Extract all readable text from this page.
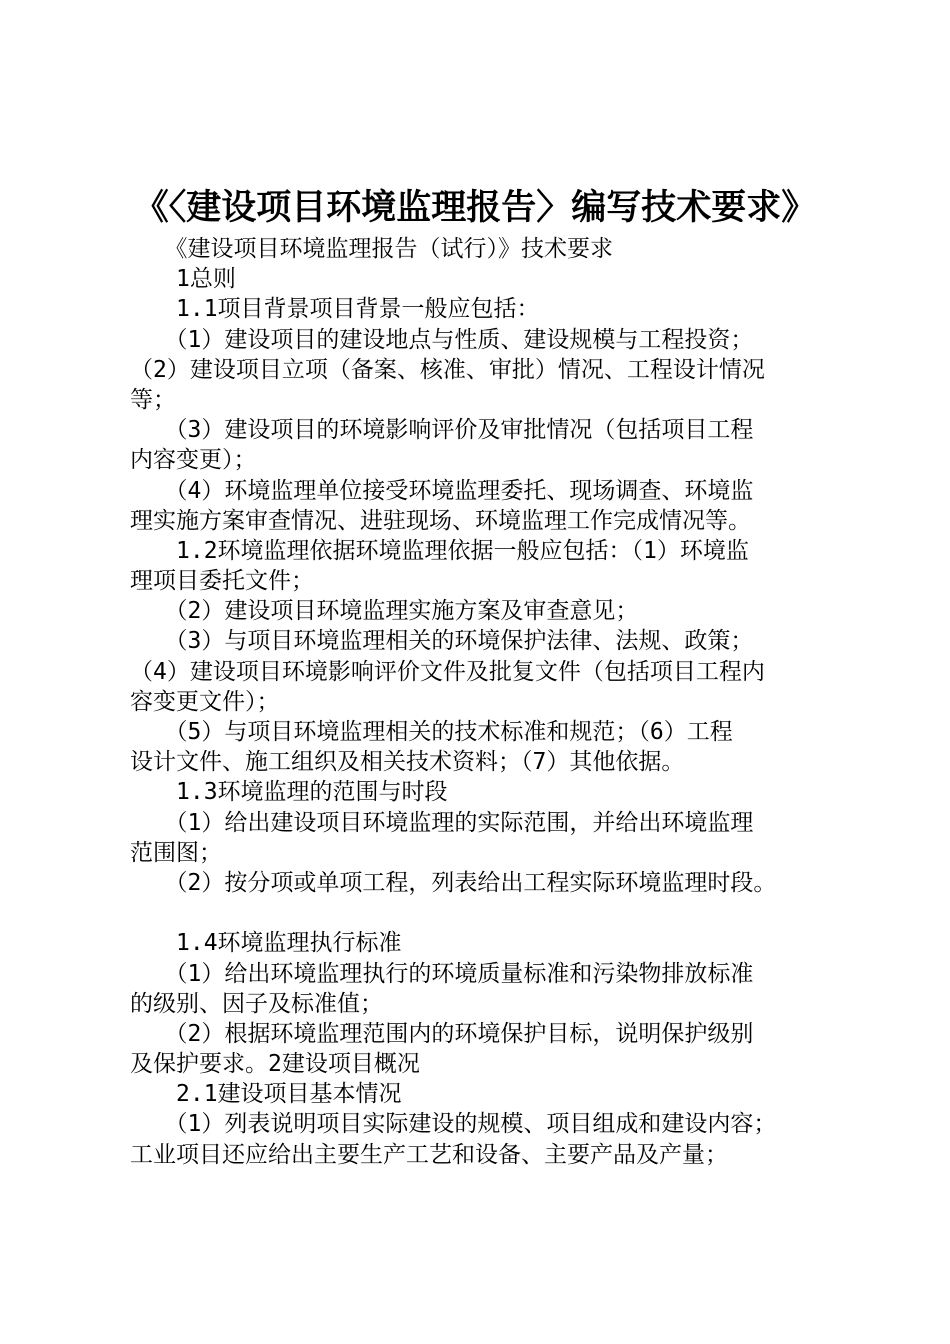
《〈建设项目环境监理报告〉编写技术要求》
　　《建设项目环境监理报告（试行）》技术要求
　　1总则
　　1.1项目背景项目背景一般应包括：
　　（1）建设项目的建设地点与性质、建设规模与工程投资；
（2）建设项目立项（备案、核准、审批）情况、工程设计情况
等；
　　（3）建设项目的环境影响评价及审批情况（包括项目工程
内容变更）；
　　（4）环境监理单位接受环境监理委托、现场调查、环境监
理实施方案审查情况、进驻现场、环境监理工作完成情况等。
　　1.2环境监理依据环境监理依据一般应包括：（1）环境监
理项目委托文件；
　　（2）建设项目环境监理实施方案及审查意见；
　　（3）与项目环境监理相关的环境保护法律、法规、政策；
（4）建设项目环境影响评价文件及批复文件（包括项目工程内
容变更文件）；
　　（5）与项目环境监理相关的技术标准和规范；（6）工程
设计文件、施工组织及相关技术资料；（7）其他依据。
　　1.3环境监理的范围与时段
　　（1）给出建设项目环境监理的实际范围，并给出环境监理
范围图；
　　（2）按分项或单项工程，列表给出工程实际环境监理时段。
　　1.4环境监理执行标准
　　（1）给出环境监理执行的环境质量标准和污染物排放标准
的级别、因子及标准值；
　　（2）根据环境监理范围内的环境保护目标，说明保护级别
及保护要求。2建设项目概况
　　2.1建设项目基本情况
　　（1）列表说明项目实际建设的规模、项目组成和建设内容；
工业项目还应给出主要生产工艺和设备、主要产品及产量；
